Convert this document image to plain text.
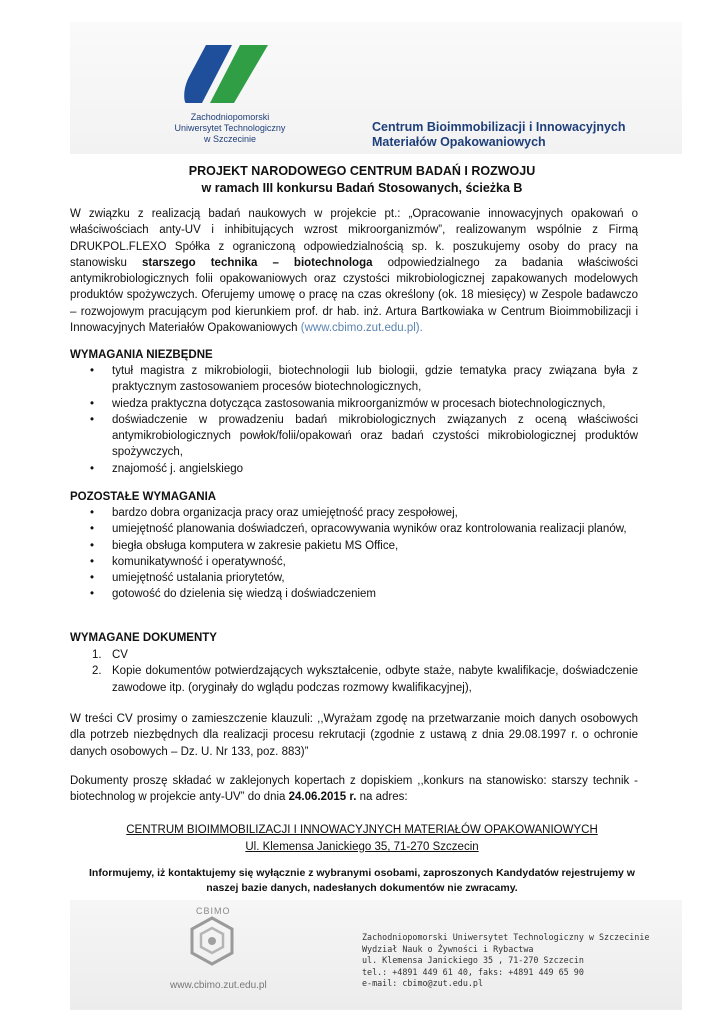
Zachodniopomorski
Uniwersytet Technologiczny
w Szczecinie
Centrum Bioimmobilizacji i Innowacyjnych
Materiałów Opakowaniowych
PROJEKT NARODOWEGO CENTRUM BADAŃ I ROZWOJU
w ramach III konkursu Badań Stosowanych, ścieżka B
W związku z realizacją badań naukowych w projekcie pt.: „Opracowanie innowacyjnych opakowań o właściwościach anty-UV i inhibitujących wzrost mikroorganizmów”, realizowanym wspólnie z Firmą DRUKPOL.FLEXO Spółka z ograniczoną odpowiedzialnością sp. k. poszukujemy osoby do pracy na stanowisku starszego technika – biotechnologa odpowiedzialnego za badania właściwości antymikrobiologicznych folii opakowaniowych oraz czystości mikrobiologicznej zapakowanych modelowych produktów spożywczych. Oferujemy umowę o pracę na czas określony (ok. 18 miesięcy) w Zespole badawczo – rozwojowym pracującym pod kierunkiem prof. dr hab. inż. Artura Bartkowiaka w Centrum Bioimmobilizacji i Innowacyjnych Materiałów Opakowaniowych (www.cbimo.zut.edu.pl).
WYMAGANIA NIEZBĘDNE
• tytuł magistra z mikrobiologii, biotechnologii lub biologii, gdzie tematyka pracy związana była z praktycznym zastosowaniem procesów biotechnologicznych,
• wiedza praktyczna dotycząca zastosowania mikroorganizmów w procesach biotechnologicznych,
• doświadczenie w prowadzeniu badań mikrobiologicznych związanych z oceną właściwości antymikrobiologicznych powłok/folii/opakowań oraz badań czystości mikrobiologicznej produktów spożywczych,
• znajomość j. angielskiego
POZOSTAŁE WYMAGANIA
• bardzo dobra organizacja pracy oraz umiejętność pracy zespołowej,
• umiejętność planowania doświadczeń, opracowywania wyników oraz kontrolowania realizacji planów,
• biegła obsługa komputera w zakresie pakietu MS Office,
• komunikatywność i operatywność,
• umiejętność ustalania priorytetów,
• gotowość do dzielenia się wiedzą i doświadczeniem
WYMAGANE DOKUMENTY
1. CV
2. Kopie dokumentów potwierdzających wykształcenie, odbyte staże, nabyte kwalifikacje, doświadczenie zawodowe itp. (oryginały do wglądu podczas rozmowy kwalifikacyjnej),
W treści CV prosimy o zamieszczenie klauzuli: ,,Wyrażam zgodę na przetwarzanie moich danych osobowych dla potrzeb niezbędnych dla realizacji procesu rekrutacji (zgodnie z ustawą z dnia 29.08.1997 r. o ochronie danych osobowych – Dz. U. Nr 133, poz. 883)”
Dokumenty proszę składać w zaklejonych kopertach z dopiskiem ,,konkurs na stanowisko: starszy technik - biotechnolog w projekcie anty-UV” do dnia 24.06.2015 r. na adres:
CENTRUM BIOIMMOBILIZACJI I INNOWACYJNYCH MATERIAŁÓW OPAKOWANIOWYCH
Ul. Klemensa Janickiego 35, 71-270 Szczecin
Informujemy, iż kontaktujemy się wyłącznie z wybranymi osobami, zaproszonych Kandydatów rejestrujemy w naszej bazie danych, nadesłanych dokumentów nie zwracamy.
CBIMO
www.cbimo.zut.edu.pl
Zachodniopomorski Uniwersytet Technologiczny w Szczecinie
Wydział Nauk o Żywności i Rybactwa
ul. Klemensa Janickiego 35 , 71-270 Szczecin
tel.: +4891 449 61 40, faks: +4891 449 65 90
e-mail: cbimo@zut.edu.pl
